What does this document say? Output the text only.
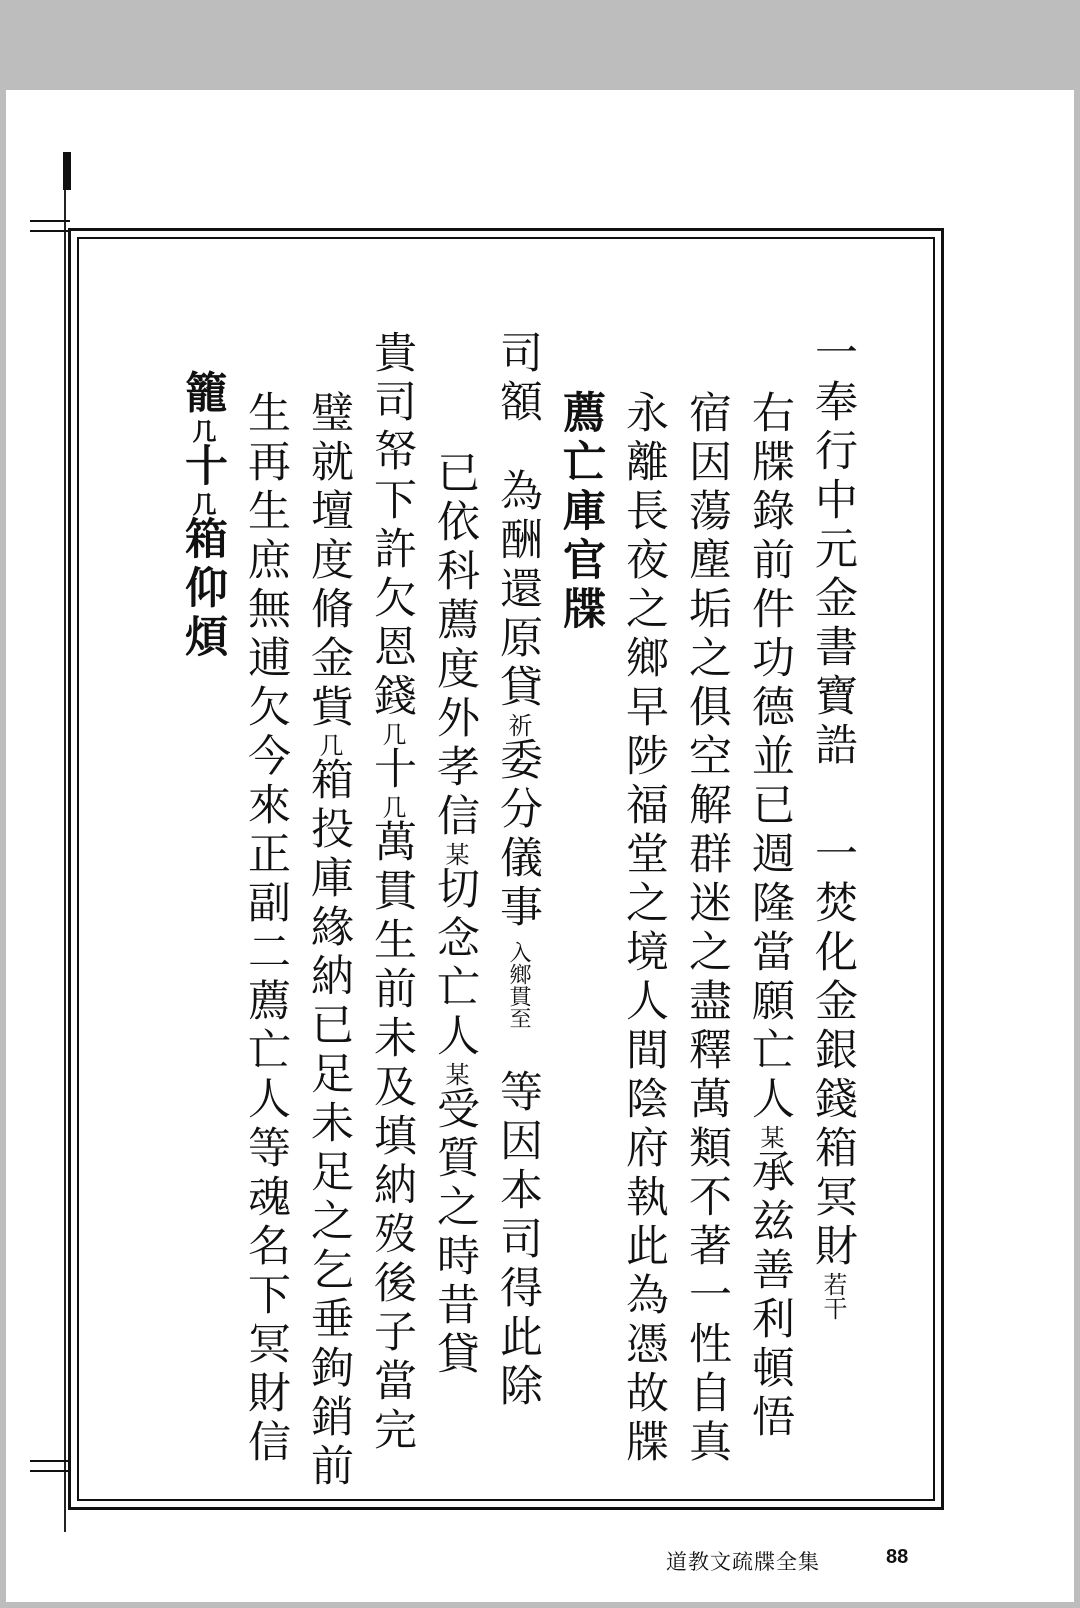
一奉行中元金書寶誥一焚化金銀錢箱冥財$^{若干}$
右牒錄前件功德並已週隆當願亡人$^某$承兹善利頓悟
宿因蕩塵垢之俱空解群迷之盡釋萬類不著一性自真
永離長夜之鄉早陟福堂之境人間陰府執此為憑故牒
薦亡庫官牒
司額為酬還原貸$^祈$委分儀事入鄉貫至等因本司得此除
已依科薦度外孝信$^某$切念亡人$^某$受質之時昔貸
貴司帑下許欠恩錢$^几$十$^几$萬貫生前未及填納歿後子當完
璧就壇度脩金貲$^几$箱投庫緣納已足未足之乞垂鉤銷前
生再生庶無逋欠今來正副二薦亡人等魂名下冥財信
籠$^几$十$^几$箱仰煩
道教文疏牒全集	88
